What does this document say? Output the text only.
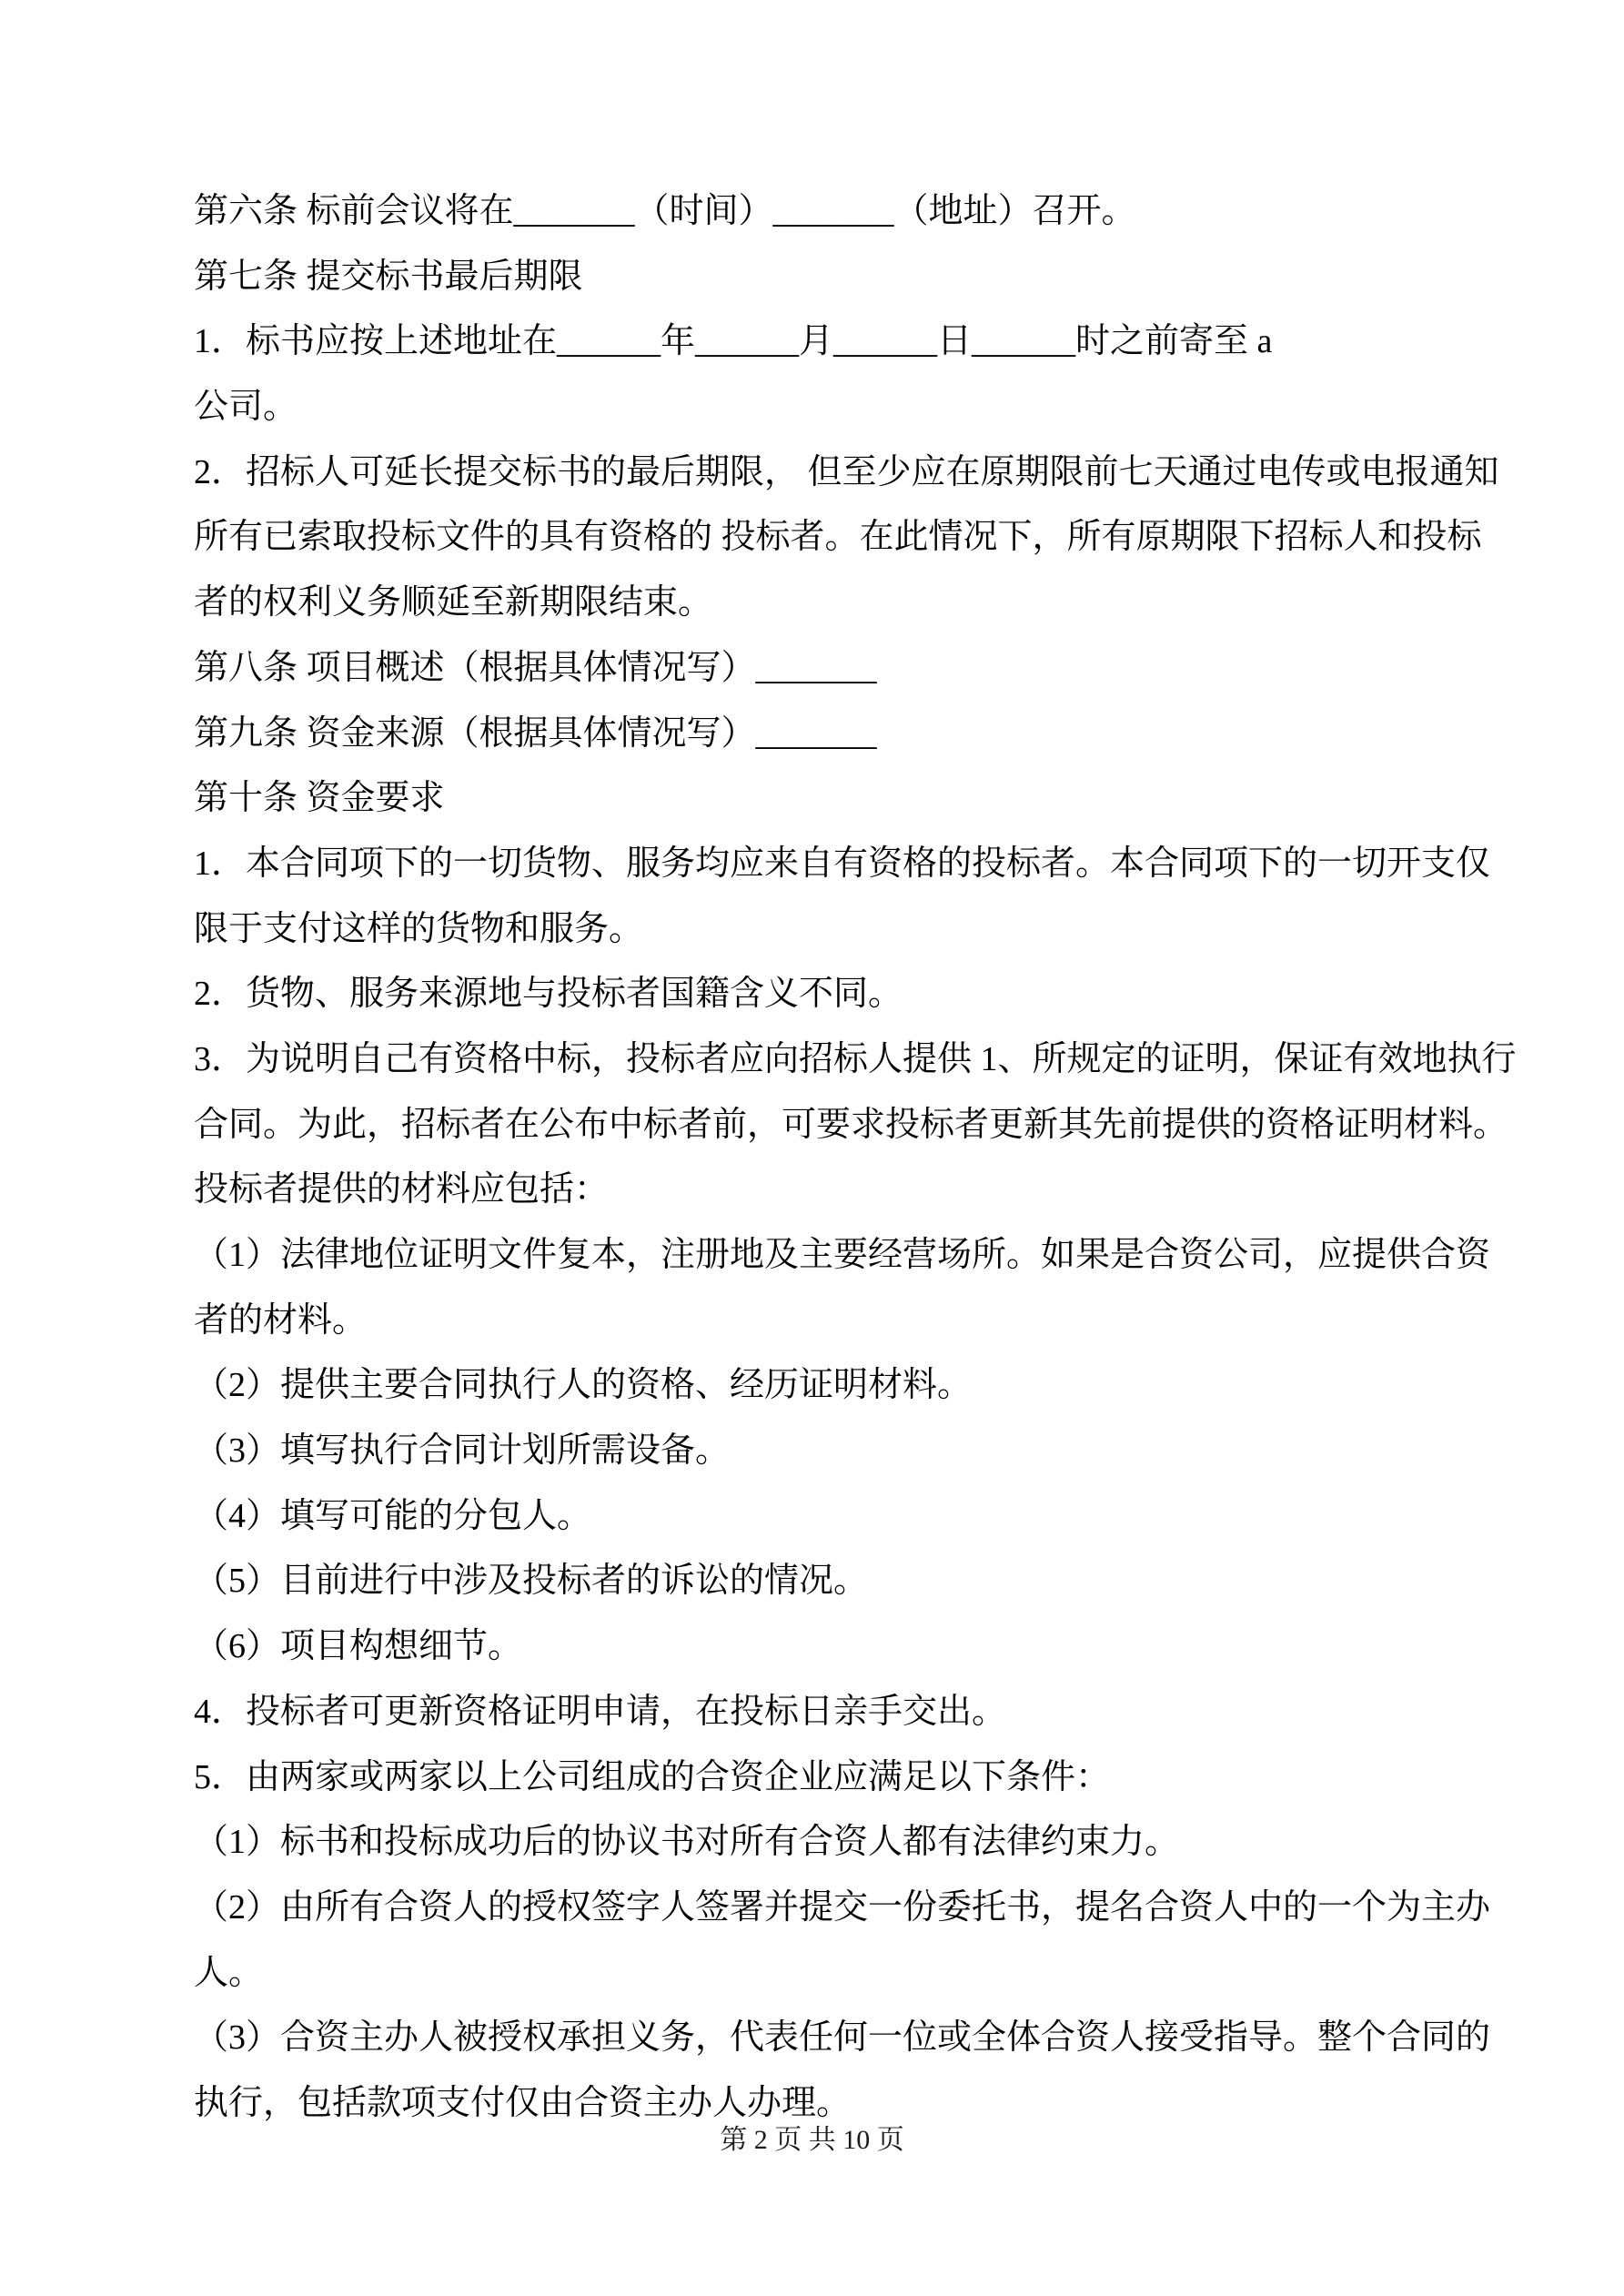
第六条 标前会议将在_______（时间）_______（地址）召开。

第七条 提交标书最后期限

1．标书应按上述地址在______年______月______日______时之前寄至 a

公司。

2．招标人可延长提交标书的最后期限， 但至少应在原期限前七天通过电传或电报通知

所有已索取投标文件的具有资格的 投标者。在此情况下，所有原期限下招标人和投标

者的权利义务顺延至新期限结束。

第八条 项目概述（根据具体情况写）_______

第九条 资金来源（根据具体情况写）_______

第十条 资金要求

1．本合同项下的一切货物、服务均应来自有资格的投标者。本合同项下的一切开支仅

限于支付这样的货物和服务。

2．货物、服务来源地与投标者国籍含义不同。

3．为说明自己有资格中标，投标者应向招标人提供 1、所规定的证明，保证有效地执行

合同。为此，招标者在公布中标者前，可要求投标者更新其先前提供的资格证明材料。

投标者提供的材料应包括：

（1）法律地位证明文件复本，注册地及主要经营场所。如果是合资公司，应提供合资

者的材料。

（2）提供主要合同执行人的资格、经历证明材料。

（3）填写执行合同计划所需设备。

（4）填写可能的分包人。

（5）目前进行中涉及投标者的诉讼的情况。

（6）项目构想细节。

4．投标者可更新资格证明申请，在投标日亲手交出。

5．由两家或两家以上公司组成的合资企业应满足以下条件：

（1）标书和投标成功后的协议书对所有合资人都有法律约束力。

（2）由所有合资人的授权签字人签署并提交一份委托书，提名合资人中的一个为主办

人。

（3）合资主办人被授权承担义务，代表任何一位或全体合资人接受指导。整个合同的

执行，包括款项支付仅由合资主办人办理。

第 2 页 共 10 页
